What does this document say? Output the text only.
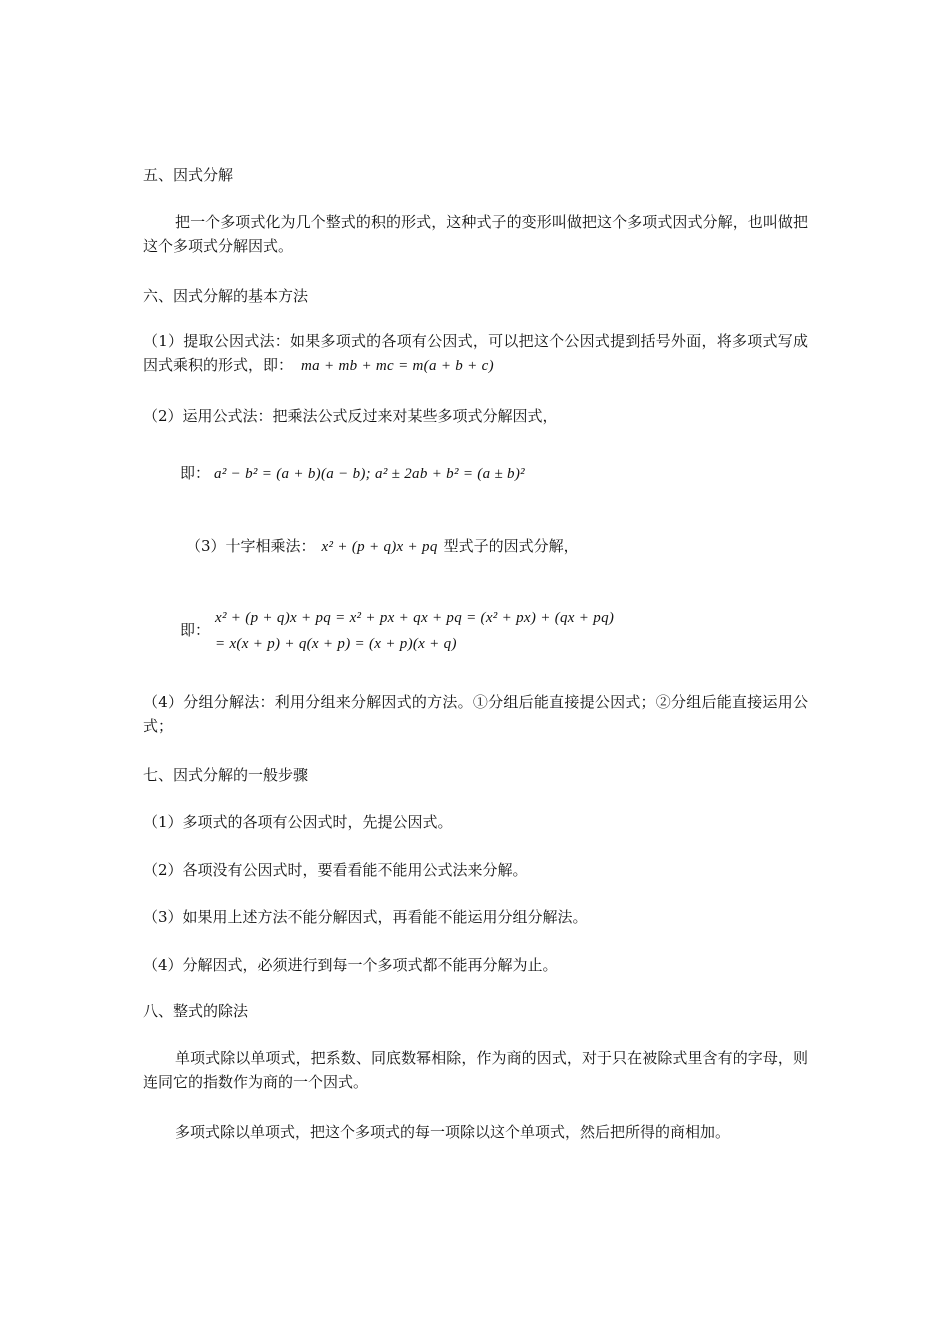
五、因式分解
把一个多项式化为几个整式的积的形式，这种式子的变形叫做把这个多项式因式分解，也叫做把这个多项式分解因式。
六、因式分解的基本方法
（1）提取公因式法：如果多项式的各项有公因式，可以把这个公因式提到括号外面，将多项式写成因式乘积的形式，即： ma + mb + mc = m(a + b + c)
（2）运用公式法：把乘法公式反过来对某些多项式分解因式，
即： a² − b² = (a + b)(a − b); a² ± 2ab + b² = (a ± b)²
（3）十字相乘法： x² + (p + q)x + pq 型式子的因式分解，
即：
x² + (p + q)x + pq = x² + px + qx + pq = (x² + px) + (qx + pq)
= x(x + p) + q(x + p) = (x + p)(x + q)
（4）分组分解法：利用分组来分解因式的方法。①分组后能直接提公因式；②分组后能直接运用公式；
七、因式分解的一般步骤
（1）多项式的各项有公因式时，先提公因式。
（2）各项没有公因式时，要看看能不能用公式法来分解。
（3）如果用上述方法不能分解因式，再看能不能运用分组分解法。
（4）分解因式，必须进行到每一个多项式都不能再分解为止。
八、整式的除法
单项式除以单项式，把系数、同底数幂相除，作为商的因式，对于只在被除式里含有的字母，则连同它的指数作为商的一个因式。
多项式除以单项式，把这个多项式的每一项除以这个单项式，然后把所得的商相加。
